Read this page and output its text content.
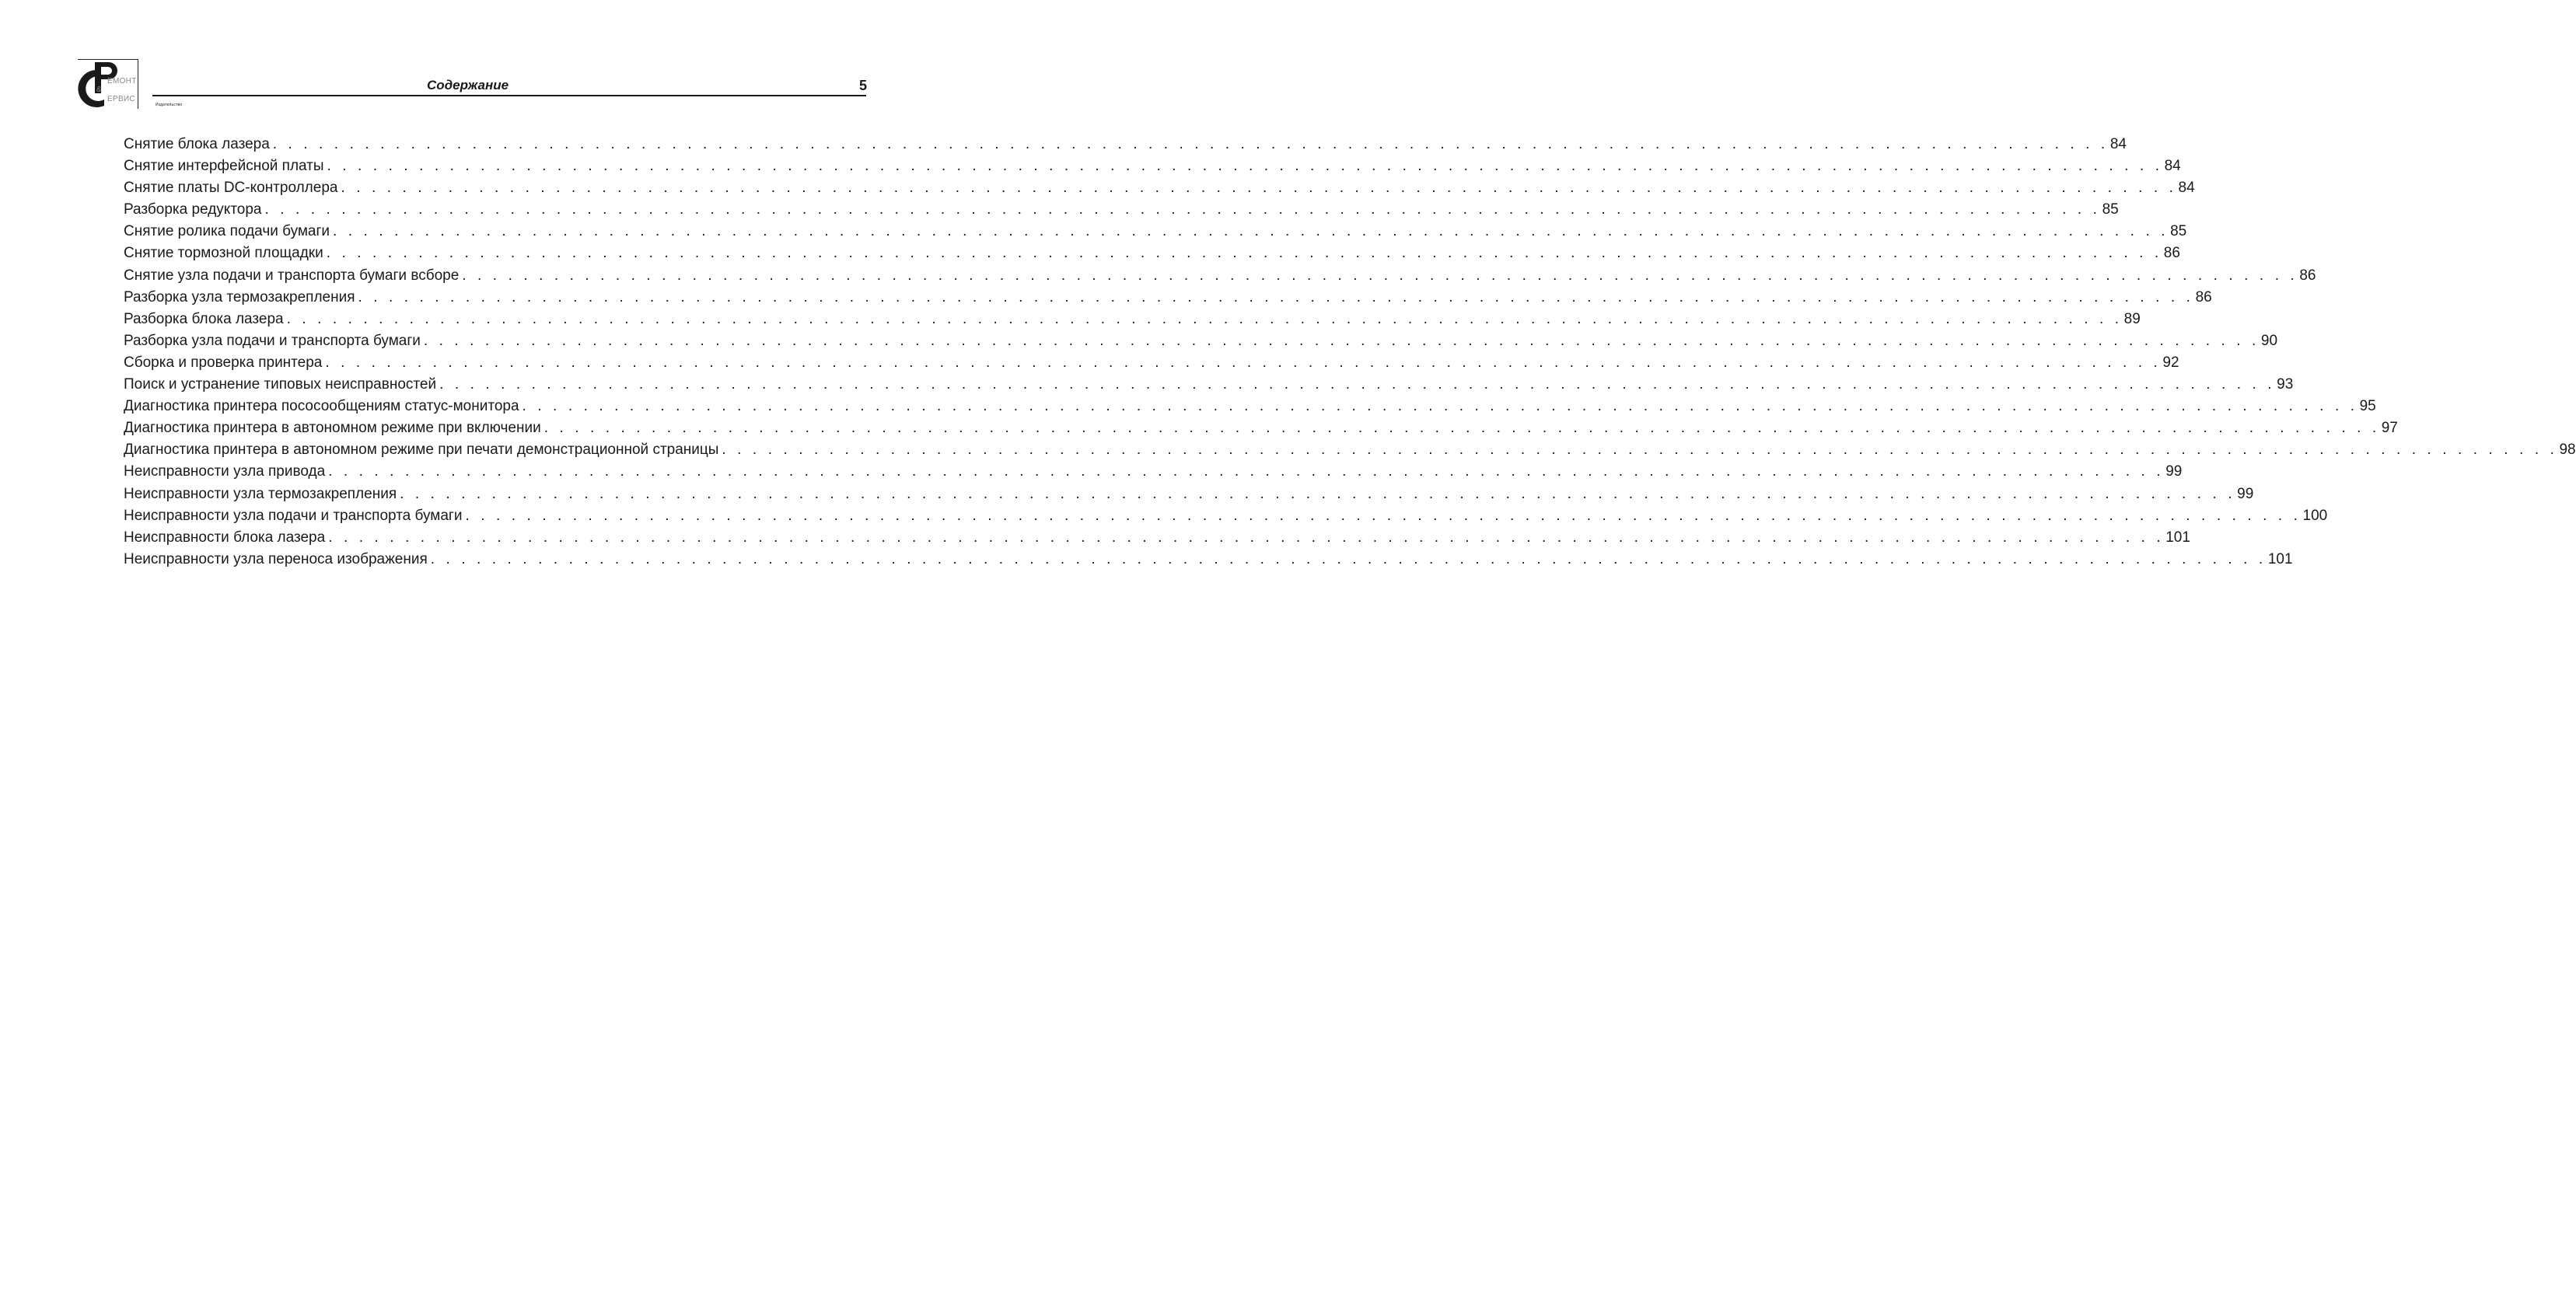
Издательство
ЕМОНТ
&
ЕРВИС
Содержание	5
Снятие блока лазера . . . . . . . . . . . . . . . . . . . . . . . . . . . . . . . . . . . . . . . . . . . . . . . . . . . . . . . . . . . . . . . . . . . . . . . . . . . . . . . . . . . . . . . . . . . . . . . . . . . . . . . . . . . . . . . . . . . . . . . . 84
Снятие интерфейсной платы . . . . . . . . . . . . . . . . . . . . . . . . . . . . . . . . . . . . . . . . . . . . . . . . . . . . . . . . . . . . . . . . . . . . . . . . . . . . . . . . . . . . . . . . . . . . . . . . . . . . . . . . . . . . . . . . . . . . . . . . 84
Снятие платы DC-контроллера . . . . . . . . . . . . . . . . . . . . . . . . . . . . . . . . . . . . . . . . . . . . . . . . . . . . . . . . . . . . . . . . . . . . . . . . . . . . . . . . . . . . . . . . . . . . . . . . . . . . . . . . . . . . . . . . . . . . . . . . 84
Разборка редуктора . . . . . . . . . . . . . . . . . . . . . . . . . . . . . . . . . . . . . . . . . . . . . . . . . . . . . . . . . . . . . . . . . . . . . . . . . . . . . . . . . . . . . . . . . . . . . . . . . . . . . . . . . . . . . . . . . . . . . . . . 85
Снятие ролика подачи бумаги . . . . . . . . . . . . . . . . . . . . . . . . . . . . . . . . . . . . . . . . . . . . . . . . . . . . . . . . . . . . . . . . . . . . . . . . . . . . . . . . . . . . . . . . . . . . . . . . . . . . . . . . . . . . . . . . . . . . . . . . 85
Снятие тормозной площадки . . . . . . . . . . . . . . . . . . . . . . . . . . . . . . . . . . . . . . . . . . . . . . . . . . . . . . . . . . . . . . . . . . . . . . . . . . . . . . . . . . . . . . . . . . . . . . . . . . . . . . . . . . . . . . . . . . . . . . . . 86
Снятие узла подачи и транспорта бумаги всборе . . . . . . . . . . . . . . . . . . . . . . . . . . . . . . . . . . . . . . . . . . . . . . . . . . . . . . . . . . . . . . . . . . . . . . . . . . . . . . . . . . . . . . . . . . . . . . . . . . . . . . . . . . . . . . . . . . . . . . . . 86
Разборка узла термозакрепления . . . . . . . . . . . . . . . . . . . . . . . . . . . . . . . . . . . . . . . . . . . . . . . . . . . . . . . . . . . . . . . . . . . . . . . . . . . . . . . . . . . . . . . . . . . . . . . . . . . . . . . . . . . . . . . . . . . . . . . . 86
Разборка блока лазера . . . . . . . . . . . . . . . . . . . . . . . . . . . . . . . . . . . . . . . . . . . . . . . . . . . . . . . . . . . . . . . . . . . . . . . . . . . . . . . . . . . . . . . . . . . . . . . . . . . . . . . . . . . . . . . . . . . . . . . . 89
Разборка узла подачи и транспорта бумаги . . . . . . . . . . . . . . . . . . . . . . . . . . . . . . . . . . . . . . . . . . . . . . . . . . . . . . . . . . . . . . . . . . . . . . . . . . . . . . . . . . . . . . . . . . . . . . . . . . . . . . . . . . . . . . . . . . . . . . . . 90
Сборка и проверка принтера . . . . . . . . . . . . . . . . . . . . . . . . . . . . . . . . . . . . . . . . . . . . . . . . . . . . . . . . . . . . . . . . . . . . . . . . . . . . . . . . . . . . . . . . . . . . . . . . . . . . . . . . . . . . . . . . . . . . . . . . 92
Поиск и устранение типовых неисправностей . . . . . . . . . . . . . . . . . . . . . . . . . . . . . . . . . . . . . . . . . . . . . . . . . . . . . . . . . . . . . . . . . . . . . . . . . . . . . . . . . . . . . . . . . . . . . . . . . . . . . . . . . . . . . . . . . . . . . . . . 93
Диагностика принтера пососообщениям статус-монитора . . . . . . . . . . . . . . . . . . . . . . . . . . . . . . . . . . . . . . . . . . . . . . . . . . . . . . . . . . . . . . . . . . . . . . . . . . . . . . . . . . . . . . . . . . . . . . . . . . . . . . . . . . . . . . . . . . . . . . . . 95
Диагностика принтера в автономном режиме при включении . . . . . . . . . . . . . . . . . . . . . . . . . . . . . . . . . . . . . . . . . . . . . . . . . . . . . . . . . . . . . . . . . . . . . . . . . . . . . . . . . . . . . . . . . . . . . . . . . . . . . . . . . . . . . . . . . . . . . . . . 97
Диагностика принтера в автономном режиме при печати демонстрационной страницы . . . . . . . . . . . . . . . . . . . . . . . . . . . . . . . . . . . . . . . . . . . . . . . . . . . . . . . . . . . . . . . . . . . . . . . . . . . . . . . . . . . . . . . . . . . . . . . . . . . . . . . . . . . . . . . . . . . . . . . . 98
Неисправности узла привода . . . . . . . . . . . . . . . . . . . . . . . . . . . . . . . . . . . . . . . . . . . . . . . . . . . . . . . . . . . . . . . . . . . . . . . . . . . . . . . . . . . . . . . . . . . . . . . . . . . . . . . . . . . . . . . . . . . . . . . . 99
Неисправности узла термозакрепления . . . . . . . . . . . . . . . . . . . . . . . . . . . . . . . . . . . . . . . . . . . . . . . . . . . . . . . . . . . . . . . . . . . . . . . . . . . . . . . . . . . . . . . . . . . . . . . . . . . . . . . . . . . . . . . . . . . . . . . . 99
Неисправности узла подачи и транспорта бумаги . . . . . . . . . . . . . . . . . . . . . . . . . . . . . . . . . . . . . . . . . . . . . . . . . . . . . . . . . . . . . . . . . . . . . . . . . . . . . . . . . . . . . . . . . . . . . . . . . . . . . . . . . . . . . . . . . . . . . . . . 100
Неисправности блока лазера . . . . . . . . . . . . . . . . . . . . . . . . . . . . . . . . . . . . . . . . . . . . . . . . . . . . . . . . . . . . . . . . . . . . . . . . . . . . . . . . . . . . . . . . . . . . . . . . . . . . . . . . . . . . . . . . . . . . . . . . 101
Неисправности узла переноса изображения . . . . . . . . . . . . . . . . . . . . . . . . . . . . . . . . . . . . . . . . . . . . . . . . . . . . . . . . . . . . . . . . . . . . . . . . . . . . . . . . . . . . . . . . . . . . . . . . . . . . . . . . . . . . . . . . . . . . . . . . 101
